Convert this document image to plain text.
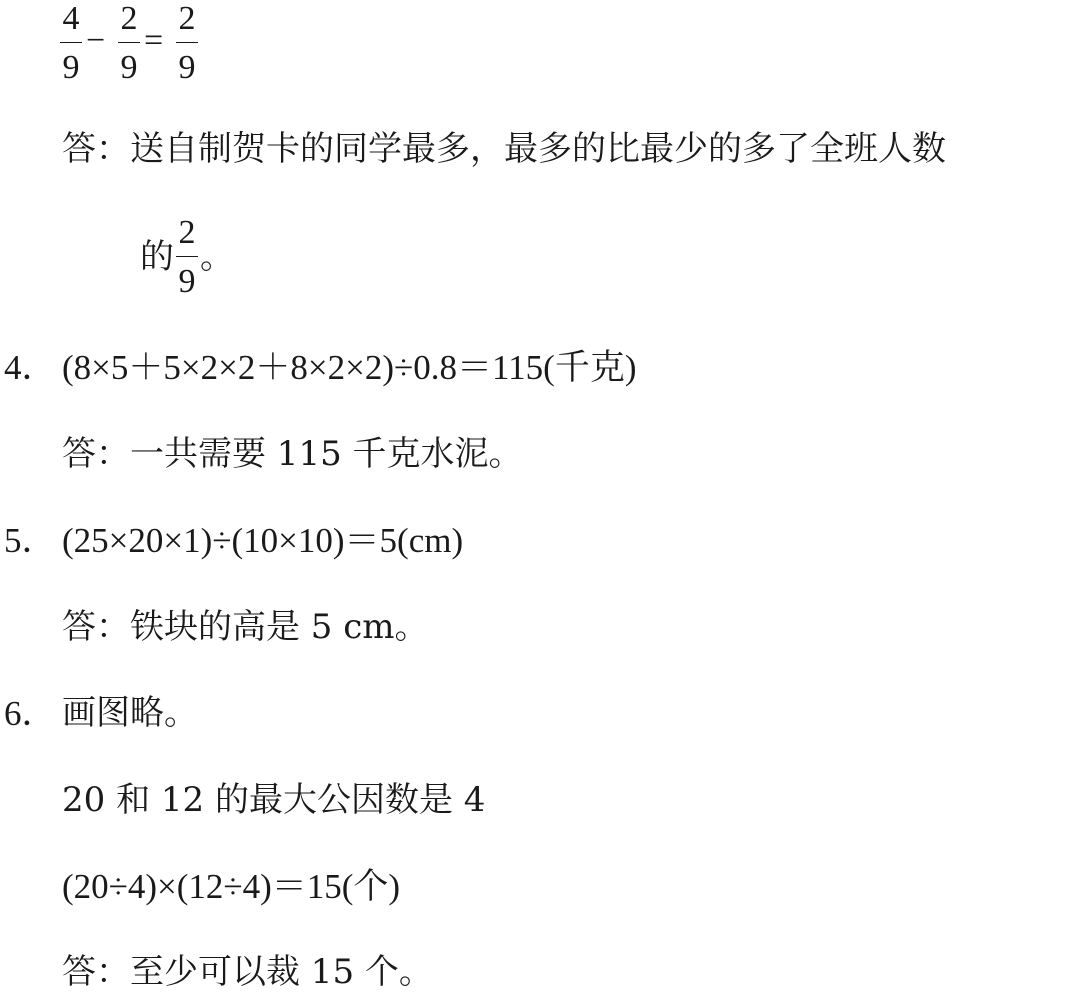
4
9
−
2
9
=
2
9
答：送自制贺卡的同学最多，最多的比最少的多了全班人数
的
2
9
。
4． (8×5＋5×2×2＋8×2×2)÷0.8＝115(千克)
答：一共需要 115 千克水泥。
5． (25×20×1)÷(10×10)＝5(cm)
答：铁块的高是 5 cm。
6． 画图略。
20 和 12 的最大公因数是 4
(20÷4)×(12÷4)＝15(个)
答：至少可以裁 15 个。
